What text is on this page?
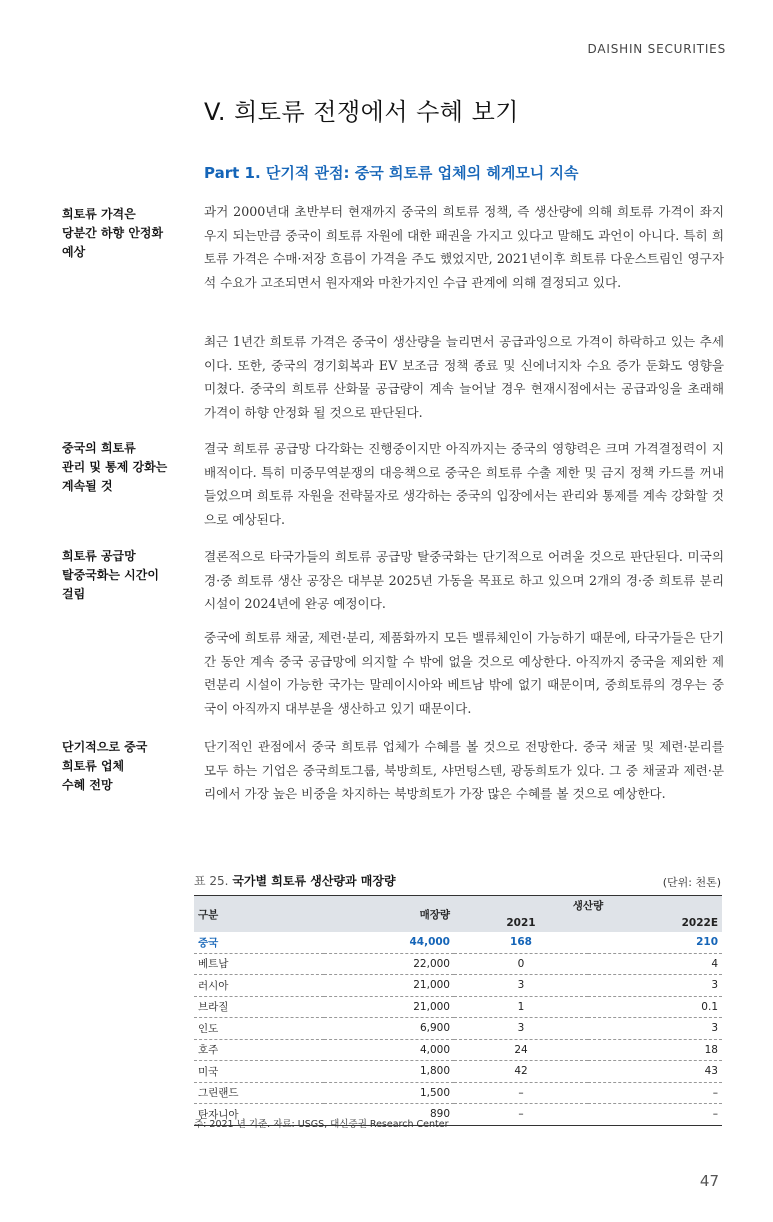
DAISHIN SECURITIES
V. 희토류 전쟁에서 수혜 보기
Part 1. 단기적 관점: 중국 희토류 업체의 헤게모니 지속
희토류 가격은
당분간 하향 안정화
예상

과거 2000년대 초반부터 현재까지 중국의 희토류 정책, 즉 생산량에 의해 희토류 가격이 좌지우지 되는만큼 중국이 희토류 자원에 대한 패권을 가지고 있다고 말해도 과언이 아니다. 특히 희토류 가격은 수매·저장 흐름이 가격을 주도 했었지만, 2021년이후 희토류 다운스트림인 영구자석 수요가 고조되면서 원자재와 마찬가지인 수급 관계에 의해 결정되고 있다.

최근 1년간 희토류 가격은 중국이 생산량을 늘리면서 공급과잉으로 가격이 하락하고 있는 추세이다. 또한, 중국의 경기회복과 EV 보조금 정책 종료 및 신에너지차 수요 증가 둔화도 영향을 미쳤다. 중국의 희토류 산화물 공급량이 계속 늘어날 경우 현재시점에서는 공급과잉을 초래해 가격이 하향 안정화 될 것으로 판단된다.

중국의 희토류
관리 및 통제 강화는
계속될 것

결국 희토류 공급망 다각화는 진행중이지만 아직까지는 중국의 영향력은 크며 가격결정력이 지배적이다. 특히 미중무역분쟁의 대응책으로 중국은 희토류 수출 제한 및 금지 정책 카드를 꺼내들었으며 희토류 자원을 전략물자로 생각하는 중국의 입장에서는 관리와 통제를 계속 강화할 것으로 예상된다.

희토류 공급망
탈중국화는 시간이
걸림

결론적으로 타국가들의 희토류 공급망 탈중국화는 단기적으로 어려울 것으로 판단된다. 미국의 경·중 희토류 생산 공장은 대부분 2025년 가동을 목표로 하고 있으며 2개의 경·중 희토류 분리 시설이 2024년에 완공 예정이다.

중국에 희토류 채굴, 제련·분리, 제품화까지 모든 밸류체인이 가능하기 때문에, 타국가들은 단기간 동안 계속 중국 공급망에 의지할 수 밖에 없을 것으로 예상한다. 아직까지 중국을 제외한 제련분리 시설이 가능한 국가는 말레이시아와 베트남 밖에 없기 때문이며, 중희토류의 경우는 중국이 아직까지 대부분을 생산하고 있기 때문이다.

단기적으로 중국
희토류 업체
수혜 전망

단기적인 관점에서 중국 희토류 업체가 수혜를 볼 것으로 전망한다. 중국 채굴 및 제련·분리를 모두 하는 기업은 중국희토그룹, 북방희토, 샤먼텅스텐, 광동희토가 있다. 그 중 채굴과 제련·분리에서 가장 높은 비중을 차지하는 북방희토가 가장 많은 수혜를 볼 것으로 예상한다.

표 25. 국가별 희토류 생산량과 매장량	(단위: 천톤)
구분	매장량	생산량	
		2021	2022E
중국	44,000	168	210
베트남	22,000	0	4
러시아	21,000	3	3
브라질	21,000	1	0.1
인도	6,900	3	3
호주	4,000	24	18
미국	1,800	42	43
그린랜드	1,500	–	–
탄자니아	890	–	–
주: 2021 년 기준. 자료: USGS, 대신증권 Research Center
47
